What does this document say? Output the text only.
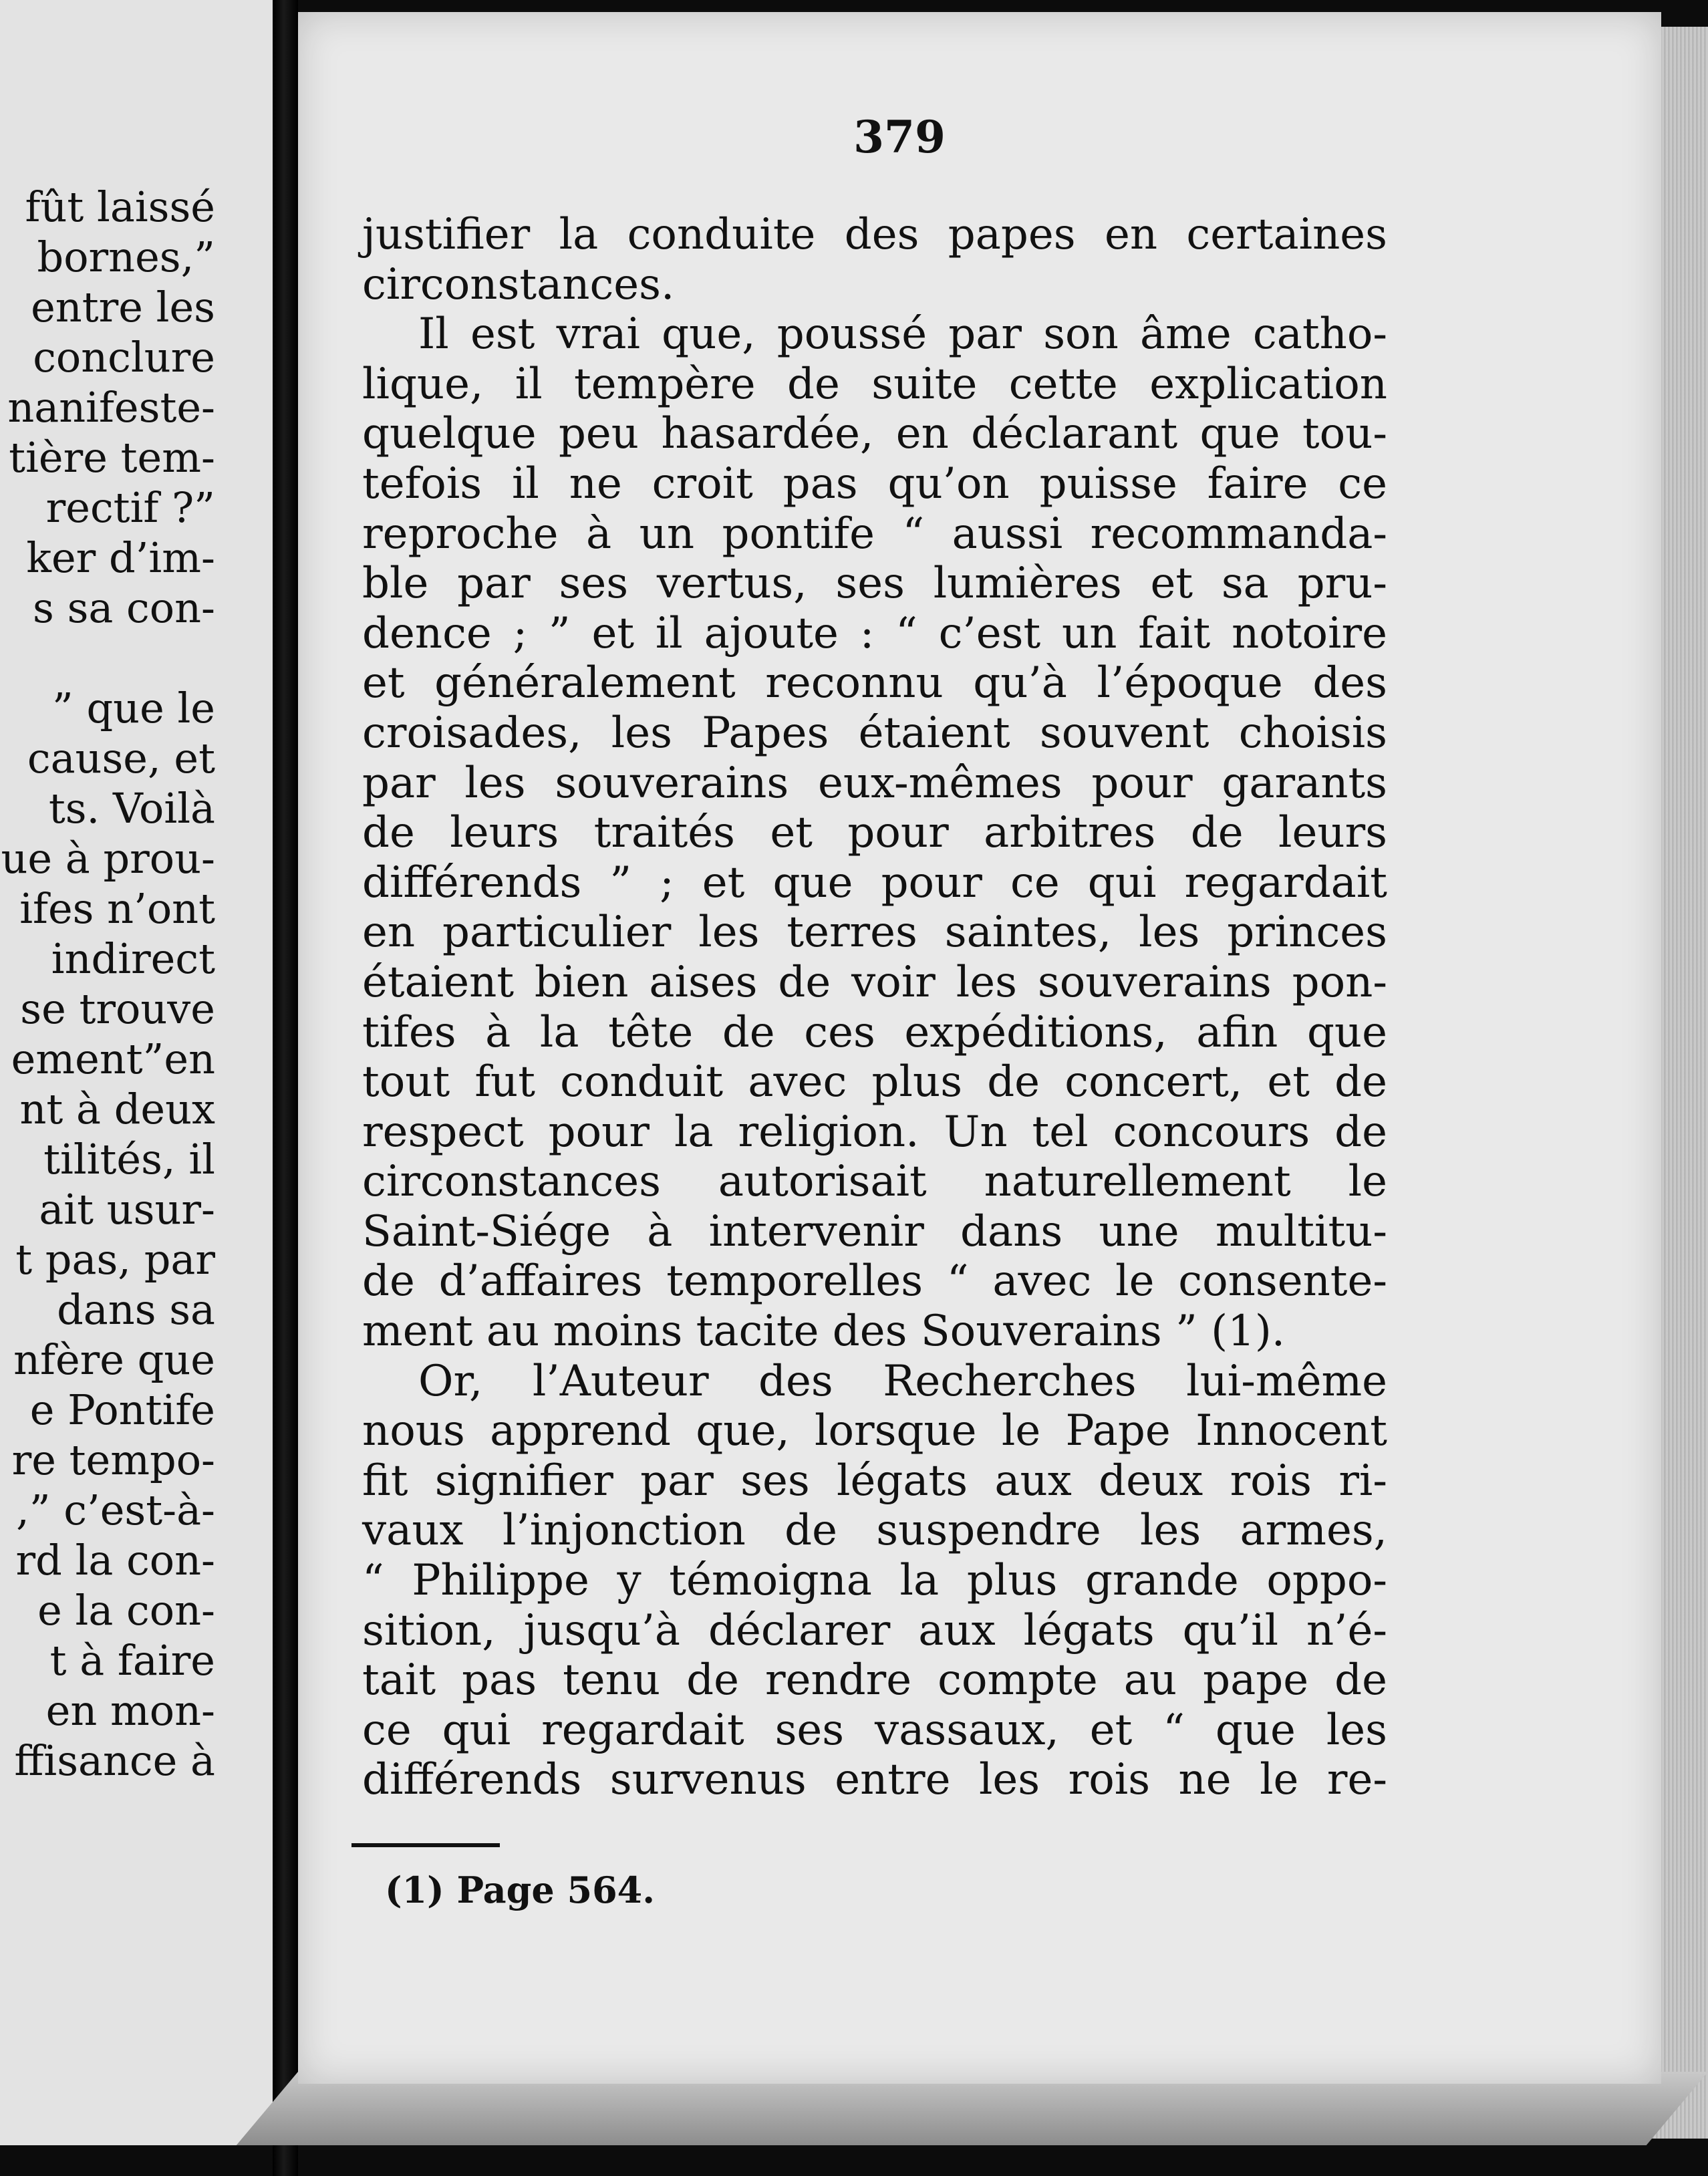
fût laissé
bornes,”
entre les
conclure
nanifeste-
tière tem-
rectif ?”
ker d’im-
s sa con-
” que le
cause, et
ts. Voilà
ue à prou-
ifes n’ont
indirect
se trouve
ement”en
nt à deux
tilités, il
ait usur-
t pas, par
dans sa
nfère que
e Pontife
re tempo-
,” c’est-à-
rd la con-
e la con-
t à faire
en mon-
ffisance à
379
justifier la conduite des papes en certaines
circonstances.
Il est vrai que, poussé par son âme catho-
lique, il tempère de suite cette explication
quelque peu hasardée, en déclarant que tou-
tefois il ne croit pas qu’on puisse faire ce
reproche à un pontife “ aussi recommanda-
ble par ses vertus, ses lumières et sa pru-
dence ; ” et il ajoute : “ c’est un fait notoire
et généralement reconnu qu’à l’époque des
croisades, les Papes étaient souvent choisis
par les souverains eux-mêmes pour garants
de leurs traités et pour arbitres de leurs
différends ” ; et que pour ce qui regardait
en particulier les terres saintes, les princes
étaient bien aises de voir les souverains pon-
tifes à la tête de ces expéditions, afin que
tout fut conduit avec plus de concert, et de
respect pour la religion. Un tel concours de
circonstances autorisait naturellement le
Saint-Siége à intervenir dans une multitu-
de d’affaires temporelles “ avec le consente-
ment au moins tacite des Souverains ” (1).
Or, l’Auteur des Recherches lui-même
nous apprend que, lorsque le Pape Innocent
fit signifier par ses légats aux deux rois ri-
vaux l’injonction de suspendre les armes,
“ Philippe y témoigna la plus grande oppo-
sition, jusqu’à déclarer aux légats qu’il n’é-
tait pas tenu de rendre compte au pape de
ce qui regardait ses vassaux, et “ que les
différends survenus entre les rois ne le re-
(1) Page 564.
